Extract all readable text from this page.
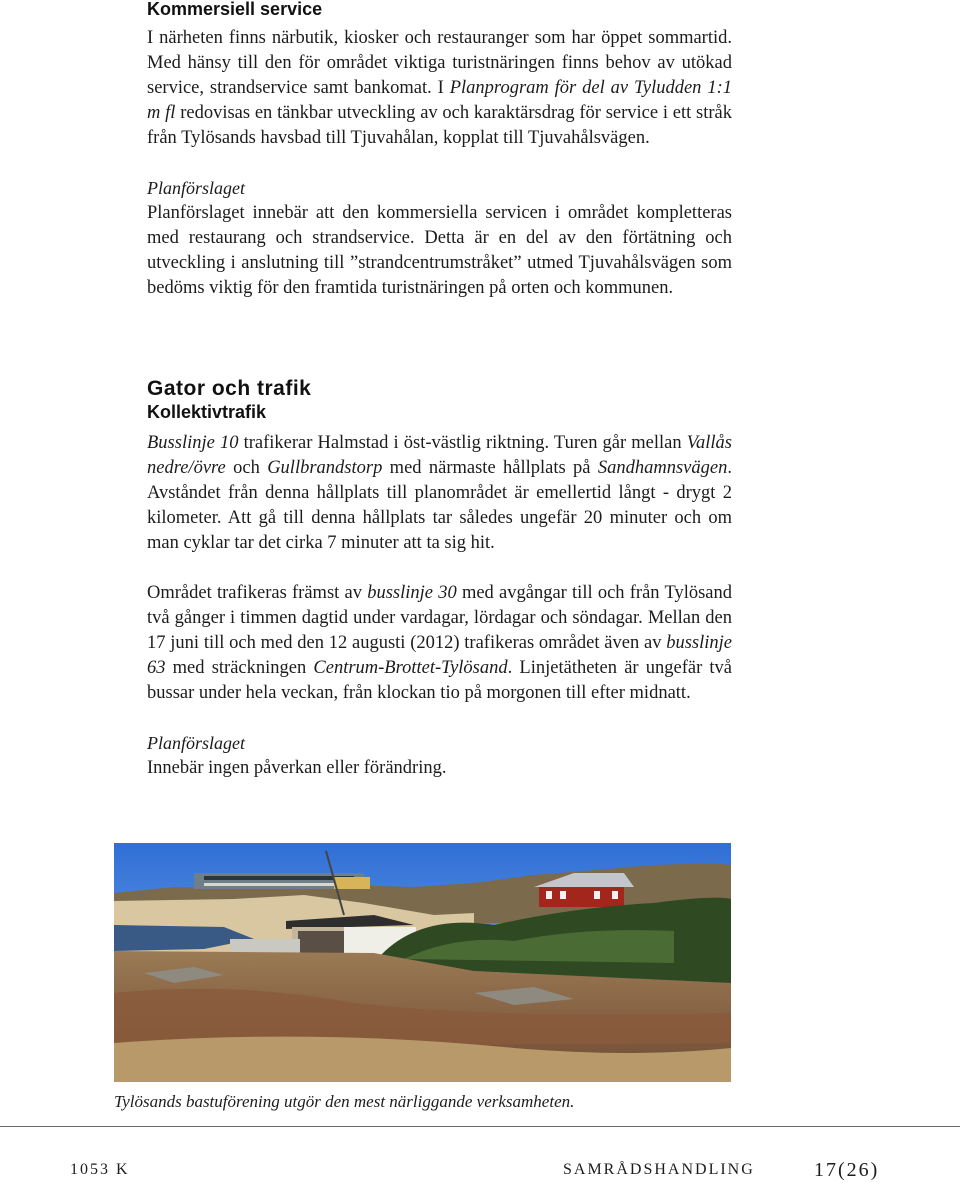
Kommersiell service

I närheten finns närbutik, kiosker och restauranger som har öppet sommartid. Med hänsy till den för området viktiga turistnäringen finns behov av utökad service, strandservice samt bankomat. I Planprogram för del av Tyludden 1:1 m fl redovisas en tänkbar utveckling av och karaktärsdrag för service i ett stråk från Tylösands havsbad till Tjuvahålan, kopplat till Tjuvahålsvägen.

Planförslaget

Planförslaget innebär att den kommersiella servicen i området kompletteras med restaurang och strandservice. Detta är en del av den förtätning och utveckling i anslutning till ”strandcentrumstråket” utmed Tjuvahålsvägen som bedöms viktig för den framtida turistnäringen på orten och kommunen.

Gator och trafik
Kollektivtrafik

Busslinje 10 trafikerar Halmstad i öst-västlig riktning. Turen går mellan Vallås nedre/övre och Gullbrandstorp med närmaste hållplats på Sandhamnsvägen. Avståndet från denna hållplats till planområdet är emellertid långt - drygt 2 kilometer. Att gå till denna hållplats tar således ungefär 20 minuter och om man cyklar tar det cirka 7 minuter att ta sig hit.

Området trafikeras främst av busslinje 30 med avgångar till och från Tylösand två gånger i timmen dagtid under vardagar, lördagar och söndagar. Mellan den 17 juni till och med den 12 augusti (2012) trafikeras området även av busslinje 63 med sträckningen Centrum-Brottet-Tylösand. Linjetätheten är ungefär två bussar under hela veckan, från klockan tio på morgonen till efter midnatt.

Planförslaget

Innebär ingen påverkan eller förändring.

Tylösands bastuförening utgör den mest närliggande verksamheten.
1053 K	SAMRÅDSHANDLING	17(26)
